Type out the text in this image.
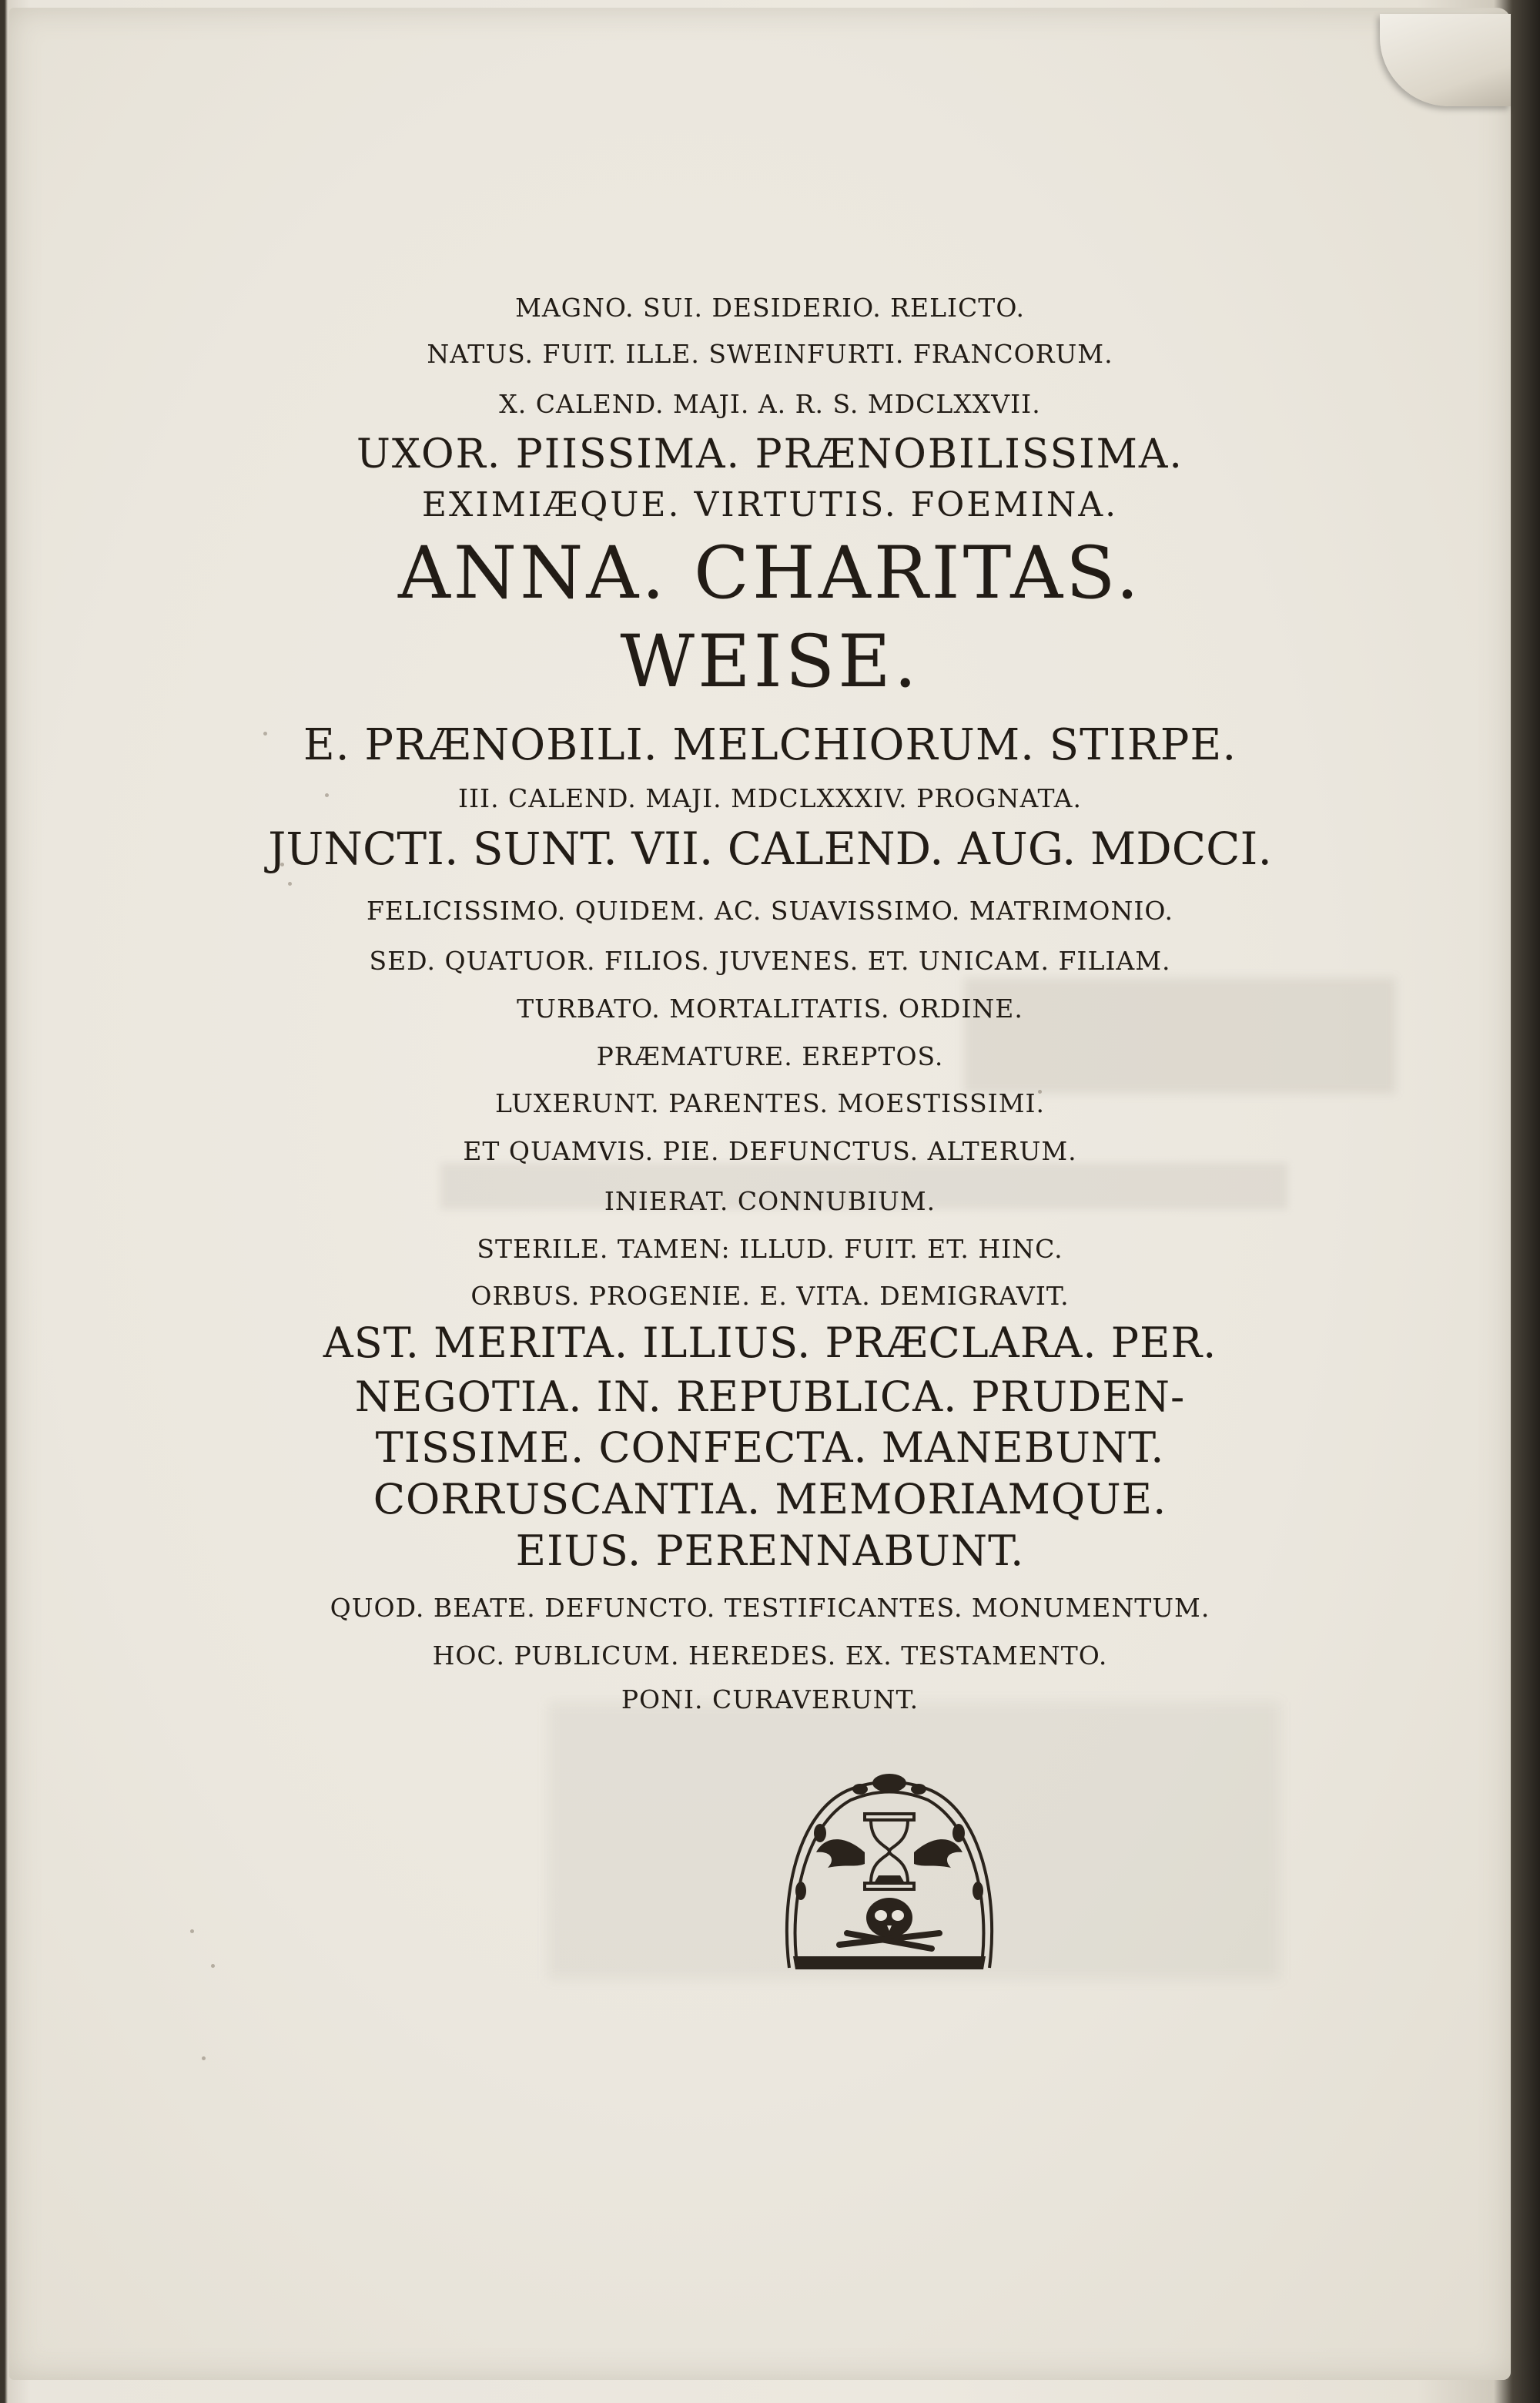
MAGNO. SUI. DESIDERIO. RELICTO.
NATUS. FUIT. ILLE. SWEINFURTI. FRANCORUM.
X. CALEND. MAJI. A. R. S. MDCLXXVII.
UXOR. PIISSIMA. PRÆNOBILISSIMA.
EXIMIÆQUE. VIRTUTIS. FOEMINA.
ANNA. CHARITAS.
WEISE.
E. PRÆNOBILI. MELCHIORUM. STIRPE.
III. CALEND. MAJI. MDCLXXXIV. PROGNATA.
JUNCTI. SUNT. VII. CALEND. AUG. MDCCI.
FELICISSIMO. QUIDEM. AC. SUAVISSIMO. MATRIMONIO.
SED. QUATUOR. FILIOS. JUVENES. ET. UNICAM. FILIAM.
TURBATO. MORTALITATIS. ORDINE.
PRÆMATURE. EREPTOS.
LUXERUNT. PARENTES. MOESTISSIMI.
ET QUAMVIS. PIE. DEFUNCTUS. ALTERUM.
INIERAT. CONNUBIUM.
STERILE. TAMEN: ILLUD. FUIT. ET. HINC.
ORBUS. PROGENIE. E. VITA. DEMIGRAVIT.
AST. MERITA. ILLIUS. PRÆCLARA. PER.
NEGOTIA. IN. REPUBLICA. PRUDEN-
TISSIME. CONFECTA. MANEBUNT.
CORRUSCANTIA. MEMORIAMQUE.
EIUS. PERENNABUNT.
QUOD. BEATE. DEFUNCTO. TESTIFICANTES. MONUMENTUM.
HOC. PUBLICUM. HEREDES. EX. TESTAMENTO.
PONI. CURAVERUNT.
